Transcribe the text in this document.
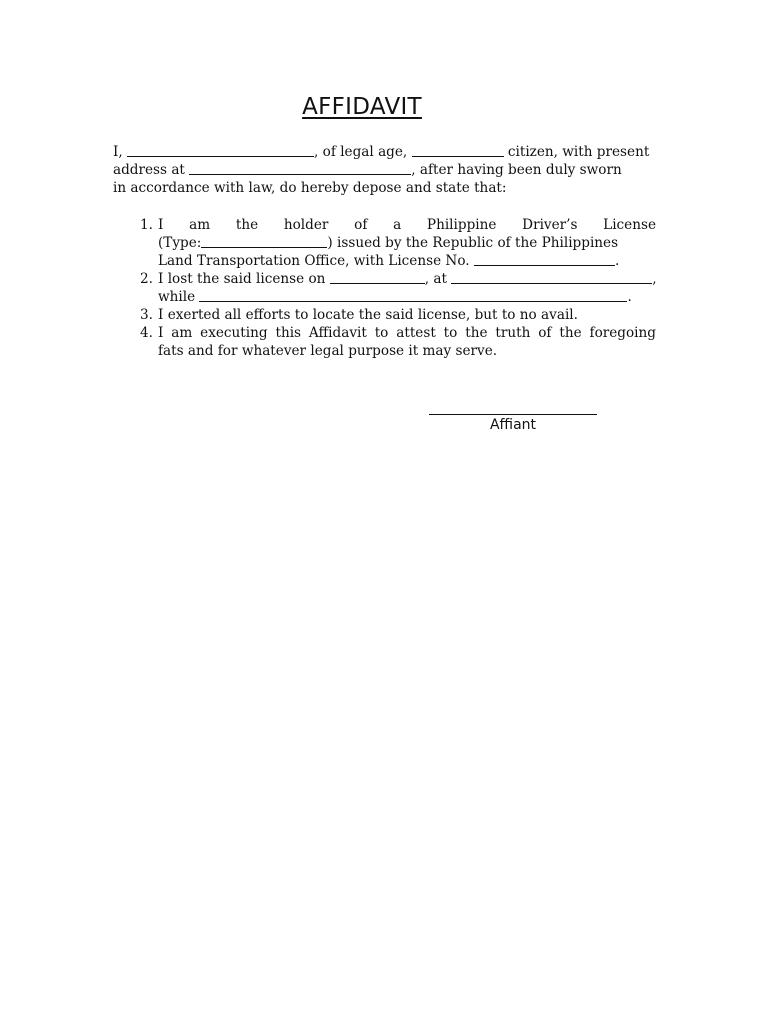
AFFIDAVIT
I,	, of legal age,	citizen, with present
address at	, after having been duly sworn
in accordance with law, do hereby depose and state that:
1. I am the holder of a Philippine Driver’s License
(Type:	) issued by the Republic of the Philippines
Land Transportation Office, with License No.	.
2. I lost the said license on	, at	,
while	.
3. I exerted all efforts to locate the said license, but to no avail.
4. I am executing this Affidavit to attest to the truth of the foregoing
fats and for whatever legal purpose it may serve.
Affiant
